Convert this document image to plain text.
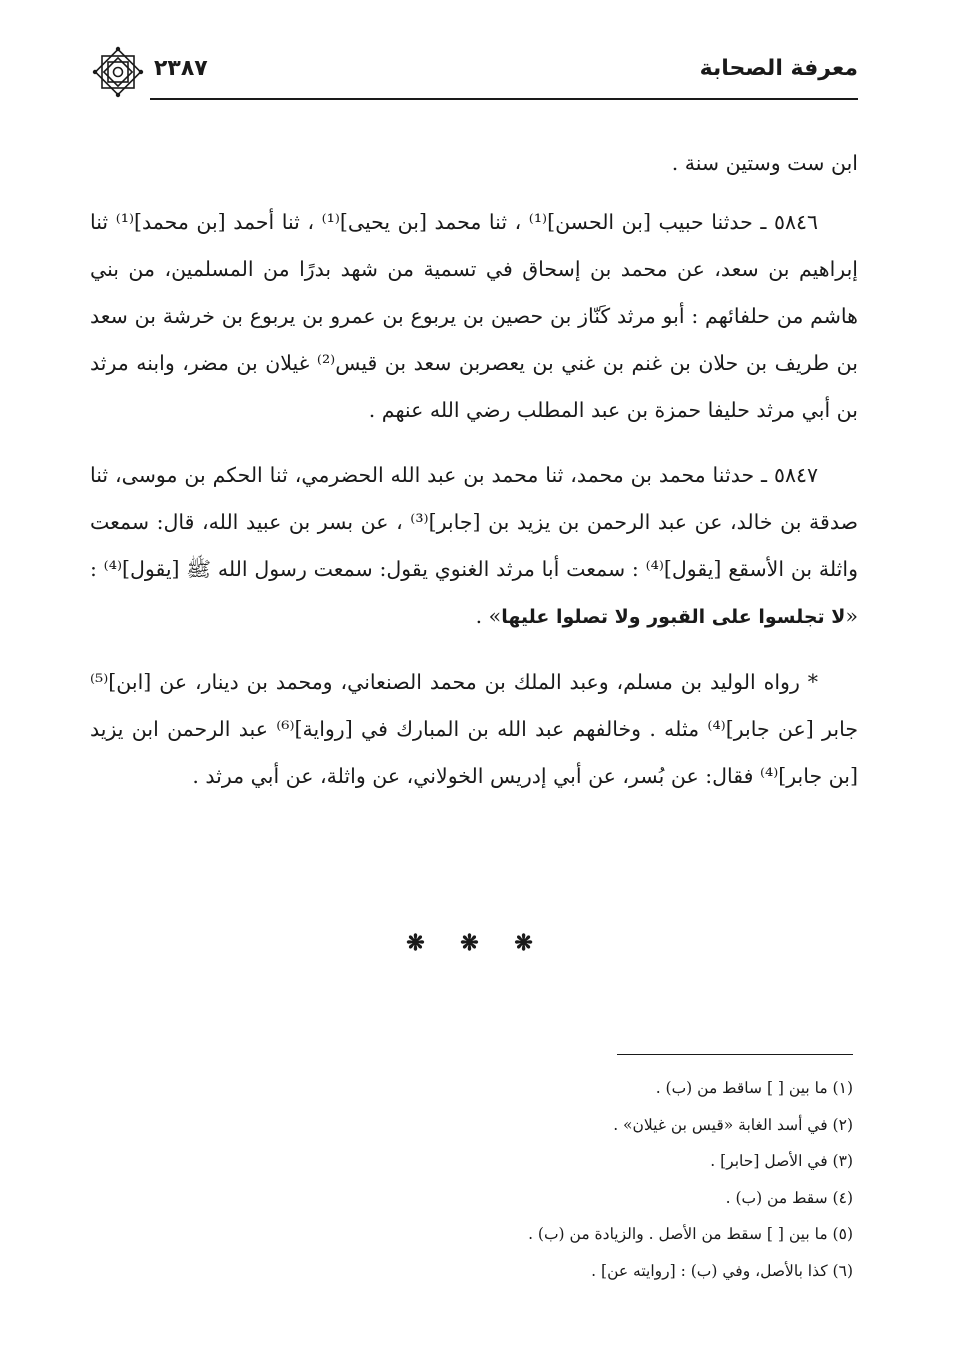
معرفة الصحابة
٢٣٨٧

ابن ست وستين سنة .

٥٨٤٦ ـ حدثنا حبيب [بن الحسن]⁽¹⁾ ، ثنا محمد [بن يحيى]⁽¹⁾ ، ثنا أحمد [بن محمد]⁽¹⁾ ثنا إبراهيم بن سعد، عن محمد بن إسحاق في تسمية من شهد بدرًا من المسلمين، من بني هاشم من حلفائهم : أبو مرثد كَنّاز بن حصين بن يربوع بن عمرو بن يربوع بن خرشة بن سعد بن طريف بن حلان بن غنم بن غني بن يعصربن سعد بن قيس⁽²⁾ غيلان بن مضر، وابنه مرثد بن أبي مرثد حليفا حمزة بن عبد المطلب رضي الله عنهم .

٥٨٤٧ ـ حدثنا محمد بن محمد، ثنا محمد بن عبد الله الحضرمي، ثنا الحكم بن موسى، ثنا صدقة بن خالد، عن عبد الرحمن بن يزيد بن [جابر]⁽³⁾ ، عن بسر بن عبيد الله، قال: سمعت واثلة بن الأسقع [يقول]⁽⁴⁾ : سمعت أبا مرثد الغنوي يقول: سمعت رسول الله ﷺ [يقول]⁽⁴⁾ : «لا تجلسوا على القبور ولا تصلوا عليها» .

* رواه الوليد بن مسلم، وعبد الملك بن محمد الصنعاني، ومحمد بن دينار، عن [ابن]⁽⁵⁾ جابر [عن جابر]⁽⁴⁾ مثله . وخالفهم عبد الله بن المبارك في [رواية]⁽⁶⁾ عبد الرحمن ابن يزيد [بن جابر]⁽⁴⁾ فقال: عن بُسر، عن أبي إدريس الخولاني، عن واثلة، عن أبي مرثد .

❋ ❋ ❋
(١) ما بين [ ] ساقط من (ب) .
(٢) في أسد الغابة «قيس بن غيلان» .
(٣) في الأصل [حابر] .
(٤) سقط من (ب) .
(٥) ما بين [ ] سقط من الأصل . والزيادة من (ب) .
(٦) كذا بالأصل، وفي (ب) : [روايته عن] .
